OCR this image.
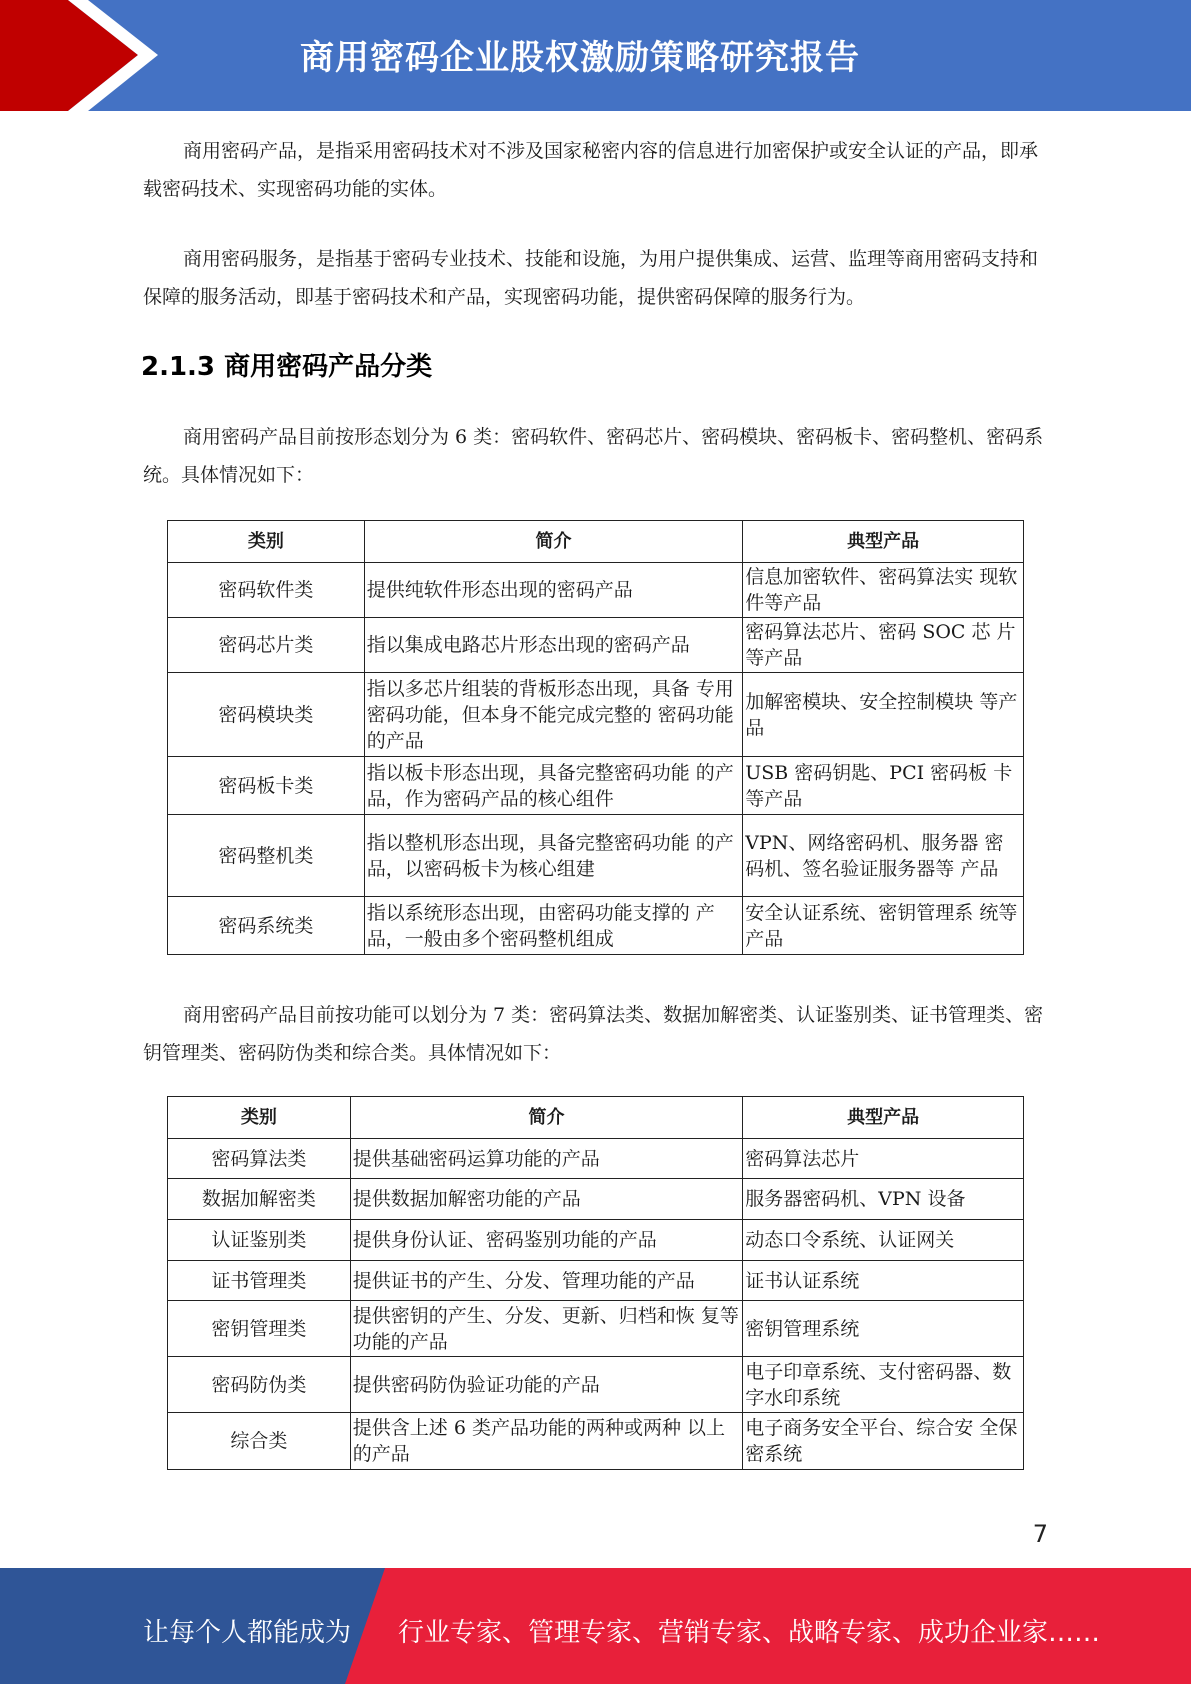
商用密码企业股权激励策略研究报告

商用密码产品，是指采用密码技术对不涉及国家秘密内容的信息进行加密保护或安全认证的产品，即承载密码技术、实现密码功能的实体。

商用密码服务，是指基于密码专业技术、技能和设施，为用户提供集成、运营、监理等商用密码支持和保障的服务活动，即基于密码技术和产品，实现密码功能，提供密码保障的服务行为。

2.1.3 商用密码产品分类

商用密码产品目前按形态划分为 6 类：密码软件、密码芯片、密码模块、密码板卡、密码整机、密码系统。具体情况如下：

类别	简介	典型产品
密码软件类	提供纯软件形态出现的密码产品	信息加密软件、密码算法实 现软件等产品
密码芯片类	指以集成电路芯片形态出现的密码产品	密码算法芯片、密码 SOC 芯 片等产品
密码模块类	指以多芯片组装的背板形态出现，具备 专用密码功能，但本身不能完成完整的 密码功能的产品	加解密模块、安全控制模块 等产品
密码板卡类	指以板卡形态出现，具备完整密码功能 的产品，作为密码产品的核心组件	USB 密码钥匙、PCI 密码板 卡等产品
密码整机类	指以整机形态出现，具备完整密码功能 的产品，以密码板卡为核心组建	VPN、网络密码机、服务器 密码机、签名验证服务器等 产品
密码系统类	指以系统形态出现，由密码功能支撑的 产品，一般由多个密码整机组成	安全认证系统、密钥管理系 统等产品

商用密码产品目前按功能可以划分为 7 类：密码算法类、数据加解密类、认证鉴别类、证书管理类、密钥管理类、密码防伪类和综合类。具体情况如下：

类别	简介	典型产品
密码算法类	提供基础密码运算功能的产品	密码算法芯片
数据加解密类	提供数据加解密功能的产品	服务器密码机、VPN 设备
认证鉴别类	提供身份认证、密码鉴别功能的产品	动态口令系统、认证网关
证书管理类	提供证书的产生、分发、管理功能的产品	证书认证系统
密钥管理类	提供密钥的产生、分发、更新、归档和恢 复等功能的产品	密钥管理系统
密码防伪类	提供密码防伪验证功能的产品	电子印章系统、支付密码器、数字水印系统
综合类	提供含上述 6 类产品功能的两种或两种 以上的产品	电子商务安全平台、综合安 全保密系统
7
让每个人都能成为 行业专家、管理专家、营销专家、战略专家、成功企业家……
